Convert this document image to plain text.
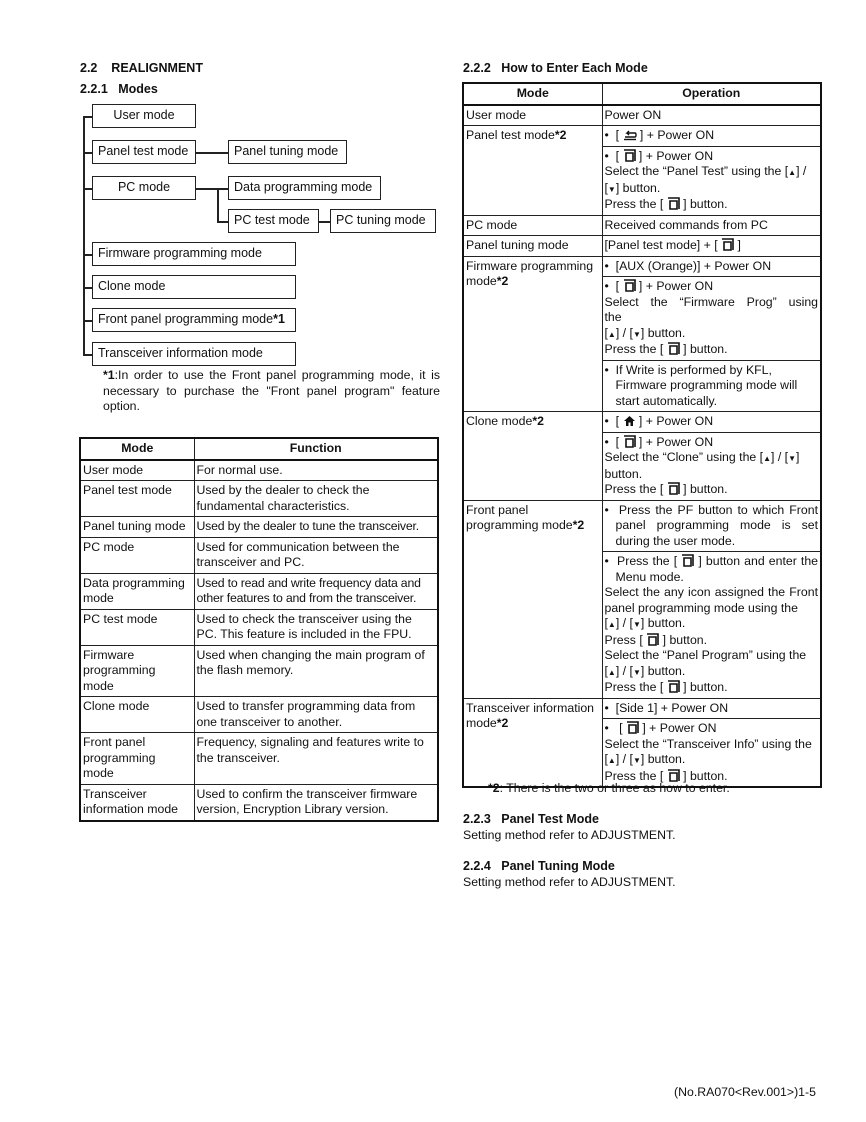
2.2 REALIGNMENT
2.2.1 Modes
User mode
Panel test mode	Panel tuning mode
PC mode	Data programming mode
PC test mode	PC tuning mode
Firmware programming mode
Clone mode
Front panel programming mode*1
Transceiver information mode
*1:In order to use the Front panel programming mode, it is necessary to purchase the "Front panel program" feature option.
Mode	Function
User mode	For normal use.
Panel test mode	Used by the dealer to check the fundamental characteristics.
Panel tuning mode	Used by the dealer to tune the transceiver.
PC mode	Used for communication between the transceiver and PC.
Data programming mode	Used to read and write frequency data and other features to and from the transceiver.
PC test mode	Used to check the transceiver using the PC. This feature is included in the FPU.
Firmware programming mode	Used when changing the main program of the flash memory.
Clone mode	Used to transfer programming data from one transceiver to another.
Front panel programming mode	Frequency, signaling and features write to the transceiver.
Transceiver information mode	Used to confirm the transceiver firmware version, Encryption Library version.
2.2.2 How to Enter Each Mode
Mode	Operation
User mode	Power ON
Panel test mode*2	• [ ] + Power ON
	• [ ] + Power ON
Select the “Panel Test” using the [▲] /
[▼] button.
Press the [ ] button.
PC mode	Received commands from PC
Panel tuning mode	[Panel test mode] + [ ]
Firmware programming mode*2	• [AUX (Orange)] + Power ON
	• [ ] + Power ON
Select the “Firmware Prog” using the
[▲] / [▼] button.
Press the [ ] button.

	• If Write is performed by KFL, Firmware programming mode will start automatically.

Clone mode*2	• [ ] + Power ON
	• [ ] + Power ON
Select the “Clone” using the [▲] / [▼]
button.
Press the [ ] button.
Front panel programming mode*2	• Press the PF button to which Front panel programming mode is set during the user mode.

• Press the [ ] button and enter the Menu mode.
Select the any icon assigned the Front panel programming mode using the
[▲] / [▼] button.
Press [ ] button.
Select the “Panel Program” using the
[▲] / [▼] button.
Press the [ ] button.
Transceiver information mode*2	• [Side 1] + Power ON
	• [ ] + Power ON
Select the “Transceiver Info” using the
[▲] / [▼] button.
Press the [ ] button.
*2: There is the two or three as how to enter.
2.2.3 Panel Test Mode
Setting method refer to ADJUSTMENT.
2.2.4 Panel Tuning Mode
Setting method refer to ADJUSTMENT.
(No.RA070<Rev.001>)1-5
